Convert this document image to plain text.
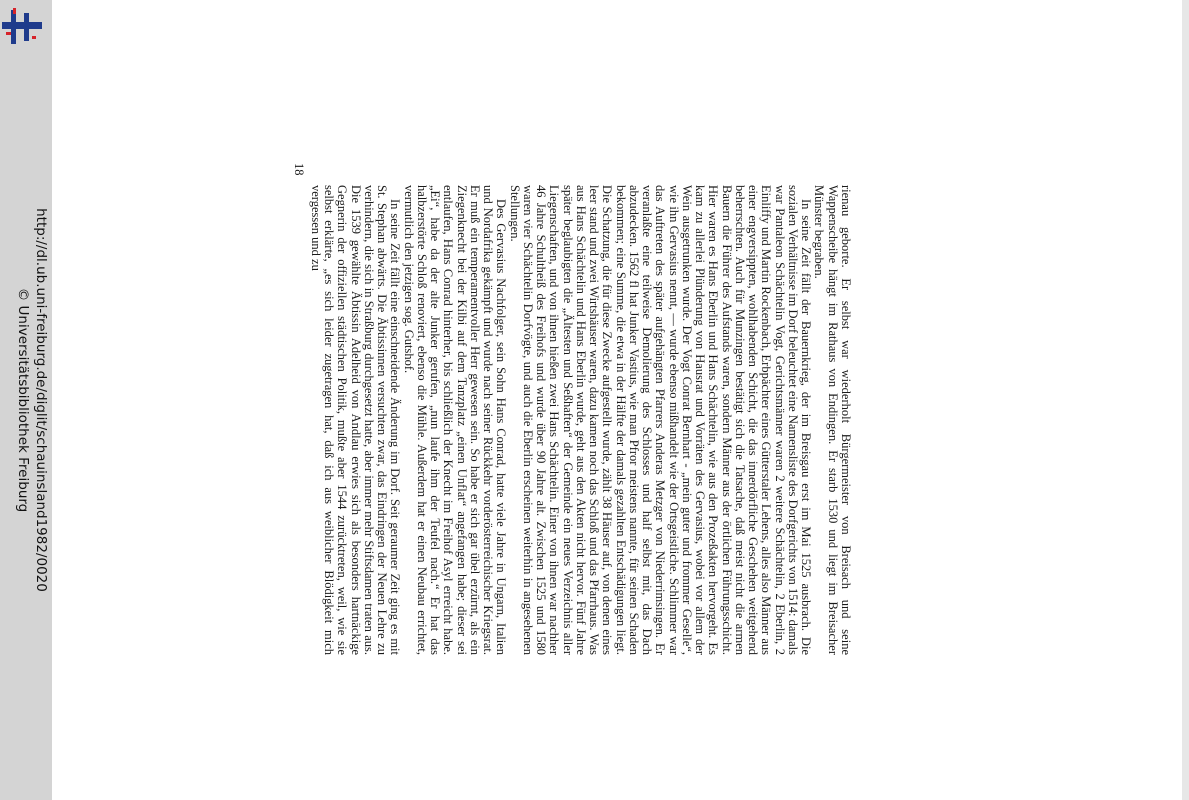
http://dl.ub.uni-freiburg.de/diglit/schauinsland1982/0020
© Universitätsbibliothek Freiburg	rienau geborte. Er selbst war wiederholt Bürgermeister von Breisach und seine Wappenscheibe hängt im Rathaus von Endingen. Er starb 1530 und liegt im Breisacher Münster begraben.

In seine Zeit fällt der Bauernkrieg, der im Breisgau erst im Mai 1525 ausbrach. Die sozialen Verhältnisse im Dorf beleuchtet eine Namensliste des Dorfgerichts von 1514: damals war Pantaleon Schächtelin Vogt, Gerichtsmänner waren 2 weitere Schächtelin, 2 Eberlin, 2 Einliffy und Martin Rockenbach, Erbpächter eines Gütterstaler Lehens, alles also Männer aus einer engversippten, wohlhabenden Schicht, die das innerdörfliche Geschehen weitgehend beherrschten. Auch für Munzingen bestätigt sich die Tatsache, daß meist nicht die armen Bauern die Führer des Aufstands waren, sondern Männer aus der örtlichen Führungsschicht. Hier waren es Hans Eberlin und Hans Schächtelin, wie aus den Prozeßakten hervorgeht. Es kam zu allerlei Plünderung von Hausrat und Vorräten des Gervasius, wobei vor allem der Wein ausgetrunken wurde. Der Vogt Conrat Bernhart - „mein guter und frommer Geselle“, wie ihn Gervasius nennt, — wurde ebenso mißhandelt wie der Ortsgeistliche. Schlimmer war das Auftreten des später aufgehängten Pfarrers Anderas Metzger von Niederrimsingen. Er veranlaßte eine teilweise Demolierung des Schlosses und half selbst mit, das Dach abzudecken. 1562 fl hat Junker Vastius, wie man Pfror meistens nannte, für seinen Schaden bekommen; eine Summe, die etwa in der Hälfte der damals gezahlten Entschädigungen liegt. Die Schatzung, die für diese Zwecke aufgestellt wurde, zählt 38 Häuser auf, von denen eines leer stand und zwei Wirtshäuser waren, dazu kamen noch das Schloß und das Pfarrhaus. Was aus Hans Schächtelin und Hans Eberlin wurde, geht aus den Akten nicht hervor. Fünf Jahre später beglaubigten die „Ältesten und Seßhaften“ der Gemeinde ein neues Verzeichnis aller Liegenschaften, und von ihnen hießen zwei Hans Schächtelin. Einer von ihnen war nachher 46 Jahre Schultheiß des Freihofs und wurde über 90 Jahre alt. Zwischen 1525 und 1580 waren vier Schächtelin Dorfvögte, und auch die Eberlin erscheinen weiterhin in angesehenen Stellungen.

Des Gervasius Nachfolger, sein Sohn Hans Conrad, hatte viele Jahre in Ungarn, Italien und Nordafrika gekämpft und wurde nach seiner Rückkehr vorderösterreichischer Kriegsrat. Er muß ein temperamentvoller Herr gewesen sein. So habe er sich gar übel erzürnt, als ein Ziegenknecht bei der Kilbi auf dem Tanzplatz „einen Unflat“ angefangen habe; dieser sei entlaufen, Hans Conrad hinterher, bis schließlich der Knecht im Freihof Asyl erreicht habe. „Ei“, habe da der alte Junker gerufen, „nun laufe ihm der Teufel nach.“ Er hat das halbzerstörte Schloß renoviert, ebenso die Mühle. Außerdem hat er einen Neubau errichtet, vermutlich den jetzigen sog. Gutshof.

In seine Zeit fällt eine einschneidende Änderung im Dorf. Seit geraumer Zeit ging es mit St. Stephan abwärts. Die Äbtissinnen versuchten zwar, das Eindringen der Neuen Lehre zu verhindern, die sich in Straßburg durchgesetzt hatte, aber immer mehr Stiftsdamen traten aus. Die 1539 gewählte Äbtissin Adelheid von Andlau erwies sich als besonders hartnäckige Gegnerin der offiziellen städtischen Politik, mußte aber 1544 zurücktreten, weil, wie sie selbst erklärte, „es sich leider zugetragen hat, daß ich aus weiblicher Blödigkeit mich vergessen und zu

18
